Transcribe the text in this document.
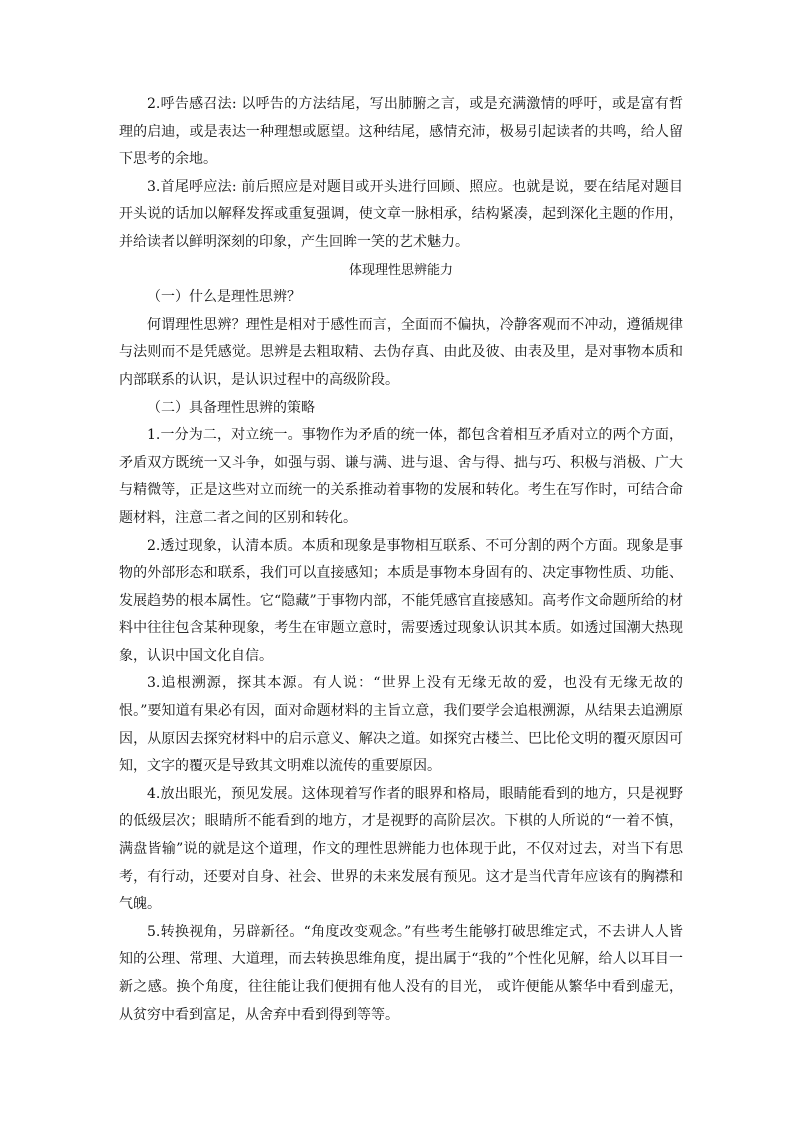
2.呼告感召法: 以呼告的方法结尾，写出肺腑之言，或是充满激情的呼吁，或是富有哲理的启迪，或是表达一种理想或愿望。这种结尾，感情充沛，极易引起读者的共鸣，给人留下思考的余地。

3.首尾呼应法: 前后照应是对题目或开头进行回顾、照应。也就是说，要在结尾对题目开头说的话加以解释发挥或重复强调，使文章一脉相承，结构紧凑，起到深化主题的作用，并给读者以鲜明深刻的印象，产生回眸一笑的艺术魅力。

体现理性思辨能力

（一）什么是理性思辨？

何谓理性思辨？理性是相对于感性而言，全面而不偏执，冷静客观而不冲动，遵循规律与法则而不是凭感觉。思辨是去粗取精、去伪存真、由此及彼、由表及里，是对事物本质和内部联系的认识，是认识过程中的高级阶段。

（二）具备理性思辨的策略

1.一分为二，对立统一。事物作为矛盾的统一体，都包含着相互矛盾对立的两个方面，矛盾双方既统一又斗争，如强与弱、谦与满、进与退、舍与得、拙与巧、积极与消极、广大与精微等，正是这些对立而统一的关系推动着事物的发展和转化。考生在写作时，可结合命题材料，注意二者之间的区别和转化。

2.透过现象，认清本质。本质和现象是事物相互联系、不可分割的两个方面。现象是事物的外部形态和联系，我们可以直接感知；本质是事物本身固有的、决定事物性质、功能、发展趋势的根本属性。它“隐藏”于事物内部，不能凭感官直接感知。高考作文命题所给的材料中往往包含某种现象，考生在审题立意时，需要透过现象认识其本质。如透过国潮大热现象，认识中国文化自信。

3.追根溯源，探其本源。有人说：“世界上没有无缘无故的爱，也没有无缘无故的恨。”要知道有果必有因，面对命题材料的主旨立意，我们要学会追根溯源，从结果去追溯原因，从原因去探究材料中的启示意义、解决之道。如探究古楼兰、巴比伦文明的覆灭原因可知，文字的覆灭是导致其文明难以流传的重要原因。

4.放出眼光，预见发展。这体现着写作者的眼界和格局，眼睛能看到的地方，只是视野的低级层次；眼睛所不能看到的地方，才是视野的高阶层次。下棋的人所说的“一着不慎，满盘皆输”说的就是这个道理，作文的理性思辨能力也体现于此，不仅对过去，对当下有思考，有行动，还要对自身、社会、世界的未来发展有预见。这才是当代青年应该有的胸襟和气魄。

5.转换视角，另辟新径。“角度改变观念。”有些考生能够打破思维定式，不去讲人人皆知的公理、常理、大道理，而去转换思维角度，提出属于“我的”个性化见解，给人以耳目一新之感。换个角度，往往能让我们便拥有他人没有的目光， 或许便能从繁华中看到虚无，从贫穷中看到富足，从舍弃中看到得到等等。
